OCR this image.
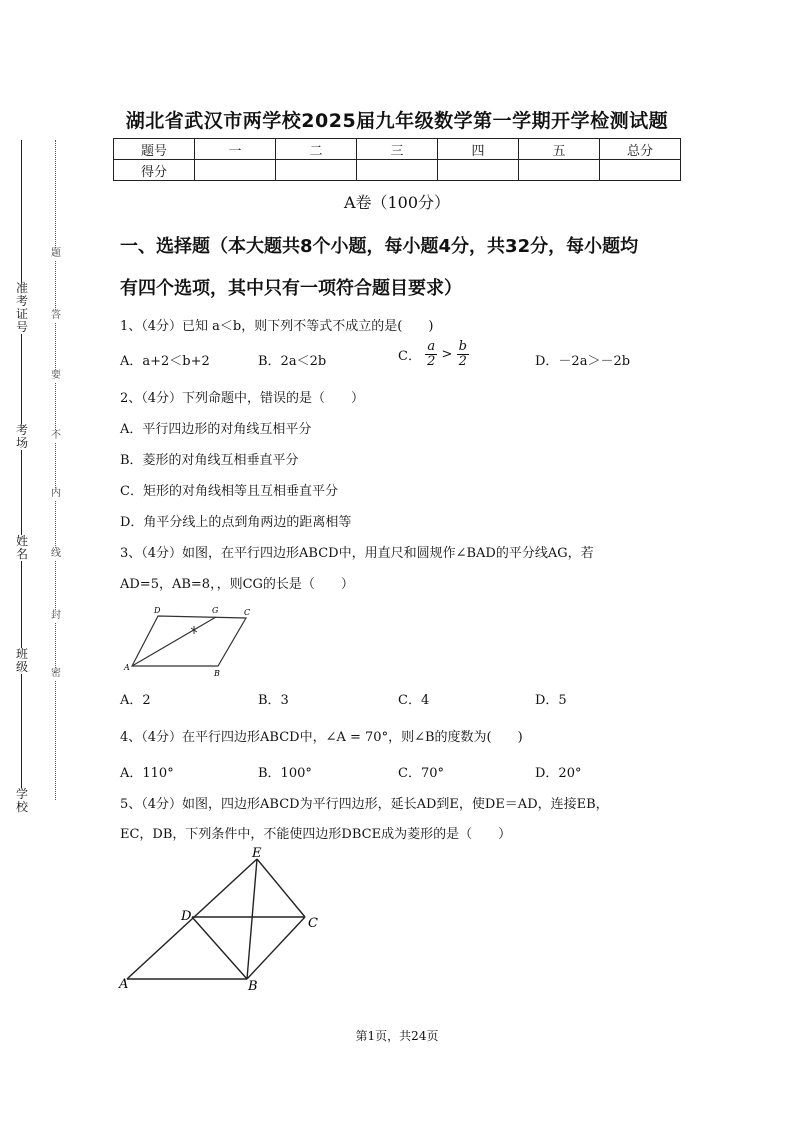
湖北省武汉市两学校2025届九年级数学第一学期开学检测试题
题号	一	二	三	四	五	总分
得分						
A卷（100分）
一、选择题（本大题共8个小题，每小题4分，共32分，每小题均
有四个选项，其中只有一项符合题目要求）
准考证号
考场
姓名
班级
学校
题
答
要
不
内
线
封
密
1、（4分）已知 a＜b，则下列不等式不成立的是(　　)
A．a+2＜b+2	B．2a＜2b	C． $\frac{a}{2} > \frac{b}{2}$	D．－2a＞－2b
2、（4分）下列命题中，错误的是（　　）
A．平行四边形的对角线互相平分
B．菱形的对角线互相垂直平分
C．矩形的对角线相等且互相垂直平分
D．角平分线上的点到角两边的距离相等
3、（4分）如图，在平行四边形ABCD中，用直尺和圆规作∠BAD的平分线AG，若
AD=5，AB=8，，则CG的长是（　　）
D	G	C
A
B
A．2	B．3	C．4	D．5
4、（4分）在平行四边形ABCD中，∠A = 70°，则∠B的度数为(　　)
A．110°	B．100°	C．70°	D．20°
5、（4分）如图，四边形ABCD为平行四边形，延长AD到E，使DE＝AD，连接EB，
EC，DB，下列条件中，不能使四边形DBCE成为菱形的是（　　）
E
D	C
A	B
第1页，共24页
